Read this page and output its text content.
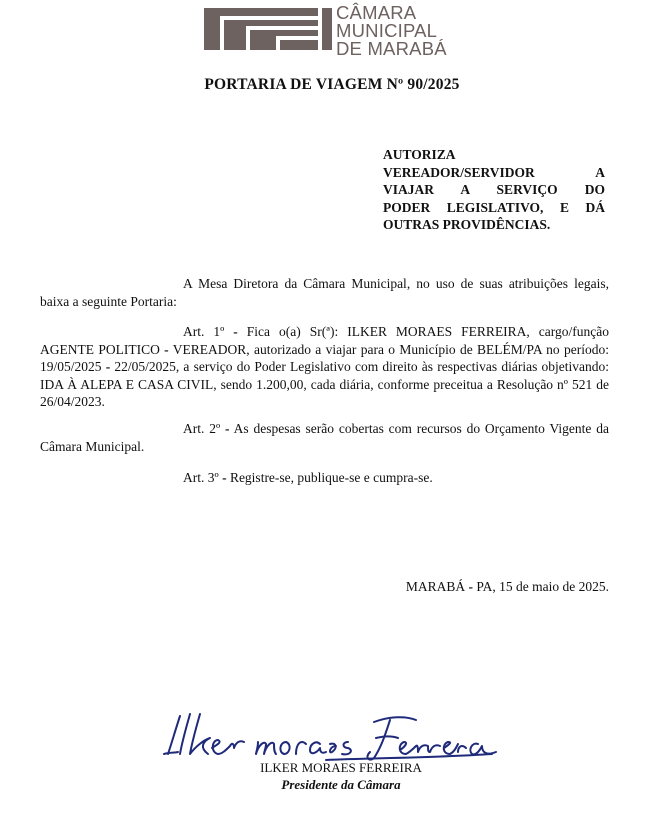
CÂMARA
MUNICIPAL
DE MARABÁ
PORTARIA DE VIAGEM Nº 90/2025
AUTORIZA
VEREADOR/SERVIDOR A
VIAJAR A SERVIÇO DO
PODER LEGISLATIVO, E DÁ
OUTRAS PROVIDÊNCIAS.
A Mesa Diretora da Câmara Municipal, no uso de suas atribuições legais, baixa a seguinte Portaria:
Art. 1º - Fica o(a) Sr(ª): ILKER MORAES FERREIRA, cargo/função AGENTE POLITICO - VEREADOR, autorizado a viajar para o Município de BELÉM/PA no período: 19/05/2025 - 22/05/2025, a serviço do Poder Legislativo com direito às respectivas diárias objetivando: IDA À ALEPA E CASA CIVIL, sendo 1.200,00, cada diária, conforme preceitua a Resolução nº 521 de 26/04/2023.
Art. 2º - As despesas serão cobertas com recursos do Orçamento Vigente da Câmara Municipal.
Art. 3º - Registre-se, publique-se e cumpra-se.
MARABÁ - PA, 15 de maio de 2025.
ILKER MORAES FERREIRA
Presidente da Câmara
